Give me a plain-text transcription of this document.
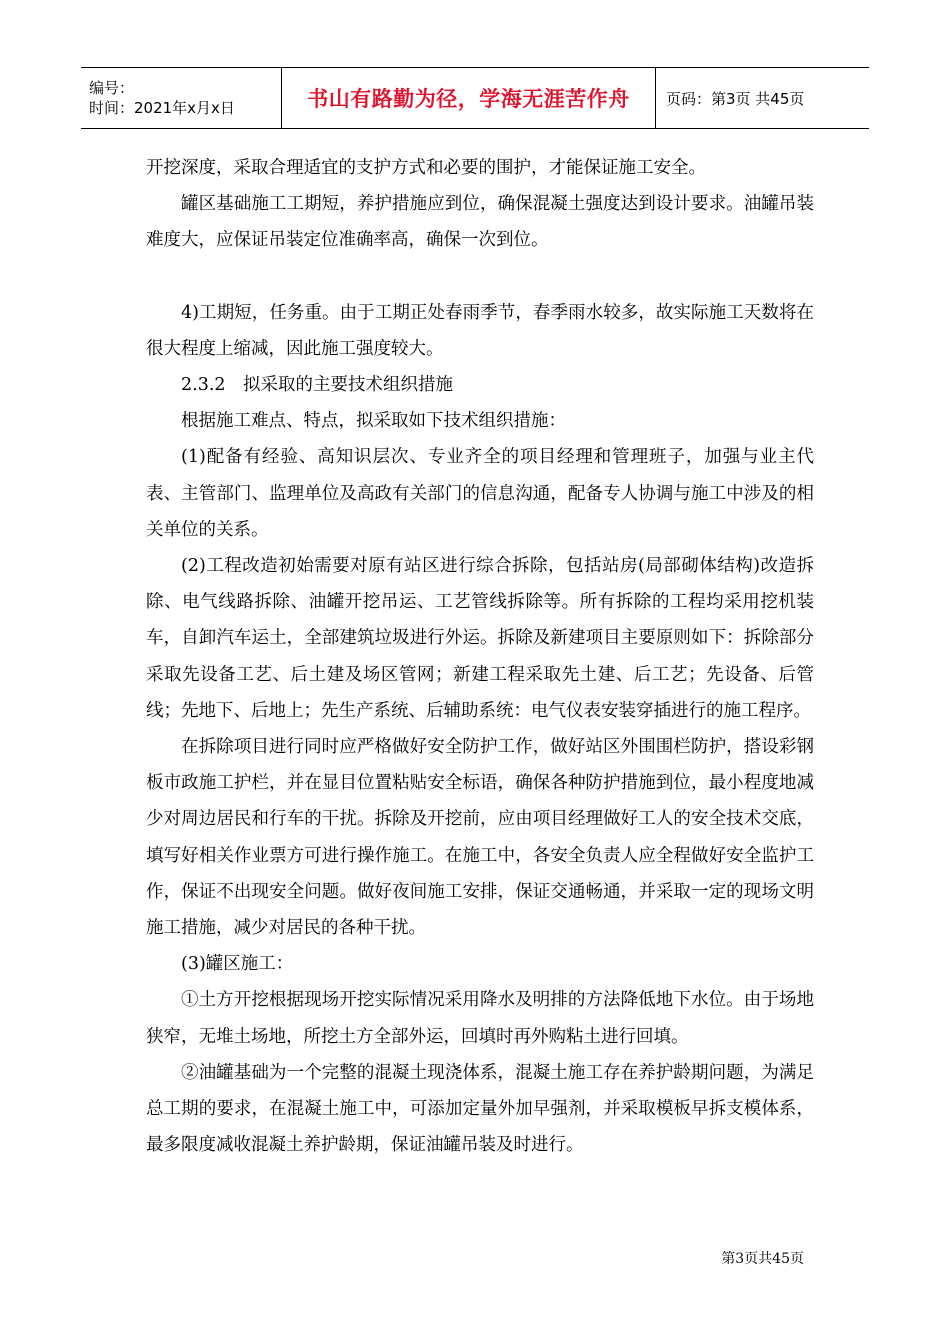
编号：
时间：2021年x月x日	书山有路勤为径，学海无涯苦作舟	页码：第3页 共45页

开挖深度，采取合理适宜的支护方式和必要的围护，才能保证施工安全。

罐区基础施工工期短，养护措施应到位，确保混凝土强度达到设计要求。油罐吊装难度大，应保证吊装定位准确率高，确保一次到位。

4)工期短，任务重。由于工期正处春雨季节，春季雨水较多，故实际施工天数将在很大程度上缩减，因此施工强度较大。

2.3.2　拟采取的主要技术组织措施

根据施工难点、特点，拟采取如下技术组织措施：

(1)配备有经验、高知识层次、专业齐全的项目经理和管理班子，加强与业主代表、主管部门、监理单位及高政有关部门的信息沟通，配备专人协调与施工中涉及的相关单位的关系。

(2)工程改造初始需要对原有站区进行综合拆除，包括站房(局部砌体结构)改造拆除、电气线路拆除、油罐开挖吊运、工艺管线拆除等。所有拆除的工程均采用挖机装车，自卸汽车运土，全部建筑垃圾进行外运。拆除及新建项目主要原则如下：拆除部分采取先设备工艺、后土建及场区管网；新建工程采取先土建、后工艺；先设备、后管线；先地下、后地上；先生产系统、后辅助系统：电气仪表安装穿插进行的施工程序。

在拆除项目进行同时应严格做好安全防护工作，做好站区外围围栏防护，搭设彩钢板市政施工护栏，并在显目位置粘贴安全标语，确保各种防护措施到位，最小程度地减少对周边居民和行车的干扰。拆除及开挖前，应由项目经理做好工人的安全技术交底，填写好相关作业票方可进行操作施工。在施工中，各安全负责人应全程做好安全监护工作，保证不出现安全问题。做好夜间施工安排，保证交通畅通，并采取一定的现场文明施工措施，减少对居民的各种干扰。

(3)罐区施工：

①土方开挖根据现场开挖实际情况采用降水及明排的方法降低地下水位。由于场地狭窄，无堆土场地，所挖土方全部外运，回填时再外购粘土进行回填。

②油罐基础为一个完整的混凝土现浇体系，混凝土施工存在养护龄期问题，为满足总工期的要求，在混凝土施工中，可添加定量外加早强剂，并采取模板早拆支模体系，最多限度减收混凝土养护龄期，保证油罐吊装及时进行。

第3页共45页
